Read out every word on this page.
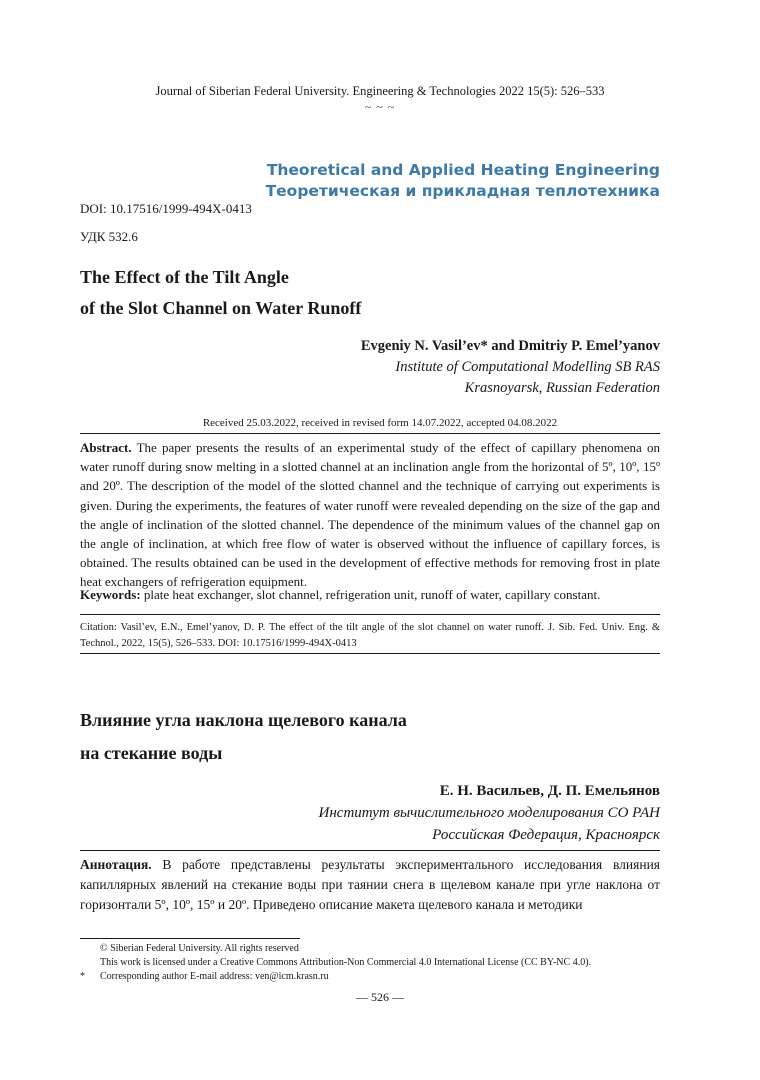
Journal of Siberian Federal University. Engineering & Technologies 2022 15(5): 526–533
~ ~ ~
Theoretical and Applied Heating Engineering
Теоретическая и прикладная теплотехника
DOI: 10.17516/1999-494X-0413
УДК 532.6
The Effect of the Tilt Angle
of the Slot Channel on Water Runoff
Evgeniy N. Vasil’ev* and Dmitriy P. Emel’yanov
Institute of Computational Modelling SB RAS
Krasnoyarsk, Russian Federation
Received 25.03.2022, received in revised form 14.07.2022, accepted 04.08.2022
Abstract. The paper presents the results of an experimental study of the effect of capillary phenomena on water runoff during snow melting in a slotted channel at an inclination angle from the horizontal of 5º, 10º, 15º and 20º. The description of the model of the slotted channel and the technique of carrying out experiments is given. During the experiments, the features of water runoff were revealed depending on the size of the gap and the angle of inclination of the slotted channel. The dependence of the minimum values of the channel gap on the angle of inclination, at which free flow of water is observed without the influence of capillary forces, is obtained. The results obtained can be used in the development of effective methods for removing frost in plate heat exchangers of refrigeration equipment.
Keywords: plate heat exchanger, slot channel, refrigeration unit, runoff of water, capillary constant.
Citation: Vasil’ev, E.N., Emel’yanov, D. P. The effect of the tilt angle of the slot channel on water runoff. J. Sib. Fed. Univ. Eng. & Technol., 2022, 15(5), 526–533. DOI: 10.17516/1999-494X-0413
Влияние угла наклона щелевого канала
на стекание воды
Е. Н. Васильев, Д. П. Емельянов
Институт вычислительного моделирования СО РАН
Российская Федерация, Красноярск
Аннотация. В работе представлены результаты экспериментального исследования влияния капиллярных явлений на стекание воды при таянии снега в щелевом канале при угле наклона от горизонтали 5º, 10º, 15º и 20º. Приведено описание макета щелевого канала и методики
© Siberian Federal University. All rights reserved
This work is licensed under a Creative Commons Attribution-Non Commercial 4.0 International License (CC BY-NC 4.0).
* Corresponding author E-mail address: ven@icm.krasn.ru
— 526 —
